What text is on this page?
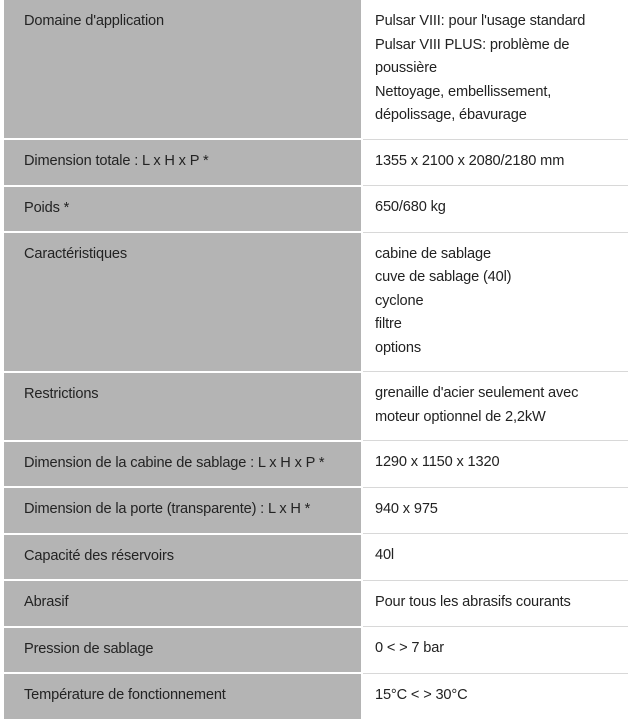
Domaine d'application	Pulsar VIII: pour l'usage standard
Pulsar VIII PLUS: problème de poussière
Nettoyage, embellissement, dépolissage, ébavurage

Dimension totale : L x H x P *	1355 x 2100 x 2080/2180 mm

Poids *	650/680 kg

Caractéristiques	cabine de sablage
cuve de sablage (40l)
cyclone
filtre
options

Restrictions	grenaille d'acier seulement avec moteur optionnel de 2,2kW

Dimension de la cabine de sablage : L x H x P *	1290 x 1150 x 1320

Dimension de la porte (transparente) : L x H *	940 x 975

Capacité des réservoirs	40l

Abrasif	Pour tous les abrasifs courants

Pression de sablage	0 < > 7 bar

Température de fonctionnement	15°C < > 30°C
